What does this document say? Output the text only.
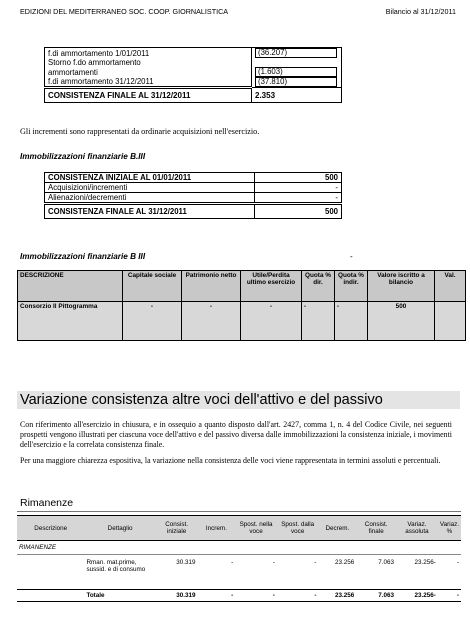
EDIZIONI DEL MEDITERRANEO SOC. COOP. GIORNALISTICA	Bilancio al 31/12/2011
f.di ammortamento 1/01/2011	(36.207)
Storno f.do ammortamento	
ammortamenti	(1.603)
f.di ammortamento 31/12/2011	(37.810)
CONSISTENZA FINALE AL 31/12/2011	2.353
Gli incrementi sono rappresentati da ordinarie acquisizioni nell'esercizio.
Immobilizzazioni finanziarie B.III
CONSISTENZA INIZIALE AL 01/01/2011	500
Acquisizioni/incrementi	-
Alienazioni/decrementi	-
CONSISTENZA FINALE AL 31/12/2011	500
Immobilizzazioni finanziarie B III	-
DESCRIZIONE	Capitale sociale	Patrimonio netto	Utile/Perdita ultimo esercizio	Quota % dir.	Quota % indir.	Valore iscritto a bilancio	Val.
Consorzio Il Pittogramma	-	-	-	-	-	500	
Variazione consistenza altre voci dell'attivo e del passivo
Con riferimento all'esercizio in chiusura, e in ossequio a quanto disposto dall'art. 2427, comma 1, n. 4 del Codice Civile, nei seguenti prospetti vengono illustrati per ciascuna voce dell'attivo e del passivo diversa dalle immobilizzazioni la consistenza iniziale, i movimenti dell'esercizio e la correlata consistenza finale.
Per una maggiore chiarezza espositiva, la variazione nella consistenza delle voci viene rappresentata in termini assoluti e percentuali.
Rimanenze
Descrizione	Dettaglio	Consist. iniziale	Increm.	Spost. nella voce	Spost. dalla voce	Decrem.	Consist. finale	Variaz. assoluta	Variaz. %
RIMANENZE									
	Rman. mat.prime, sussid. e di consumo	30.319	-	-	-	23.256	7.063	23.256-	-
	Totale	30.319	-	-	-	23.256	7.063	23.256-	-
